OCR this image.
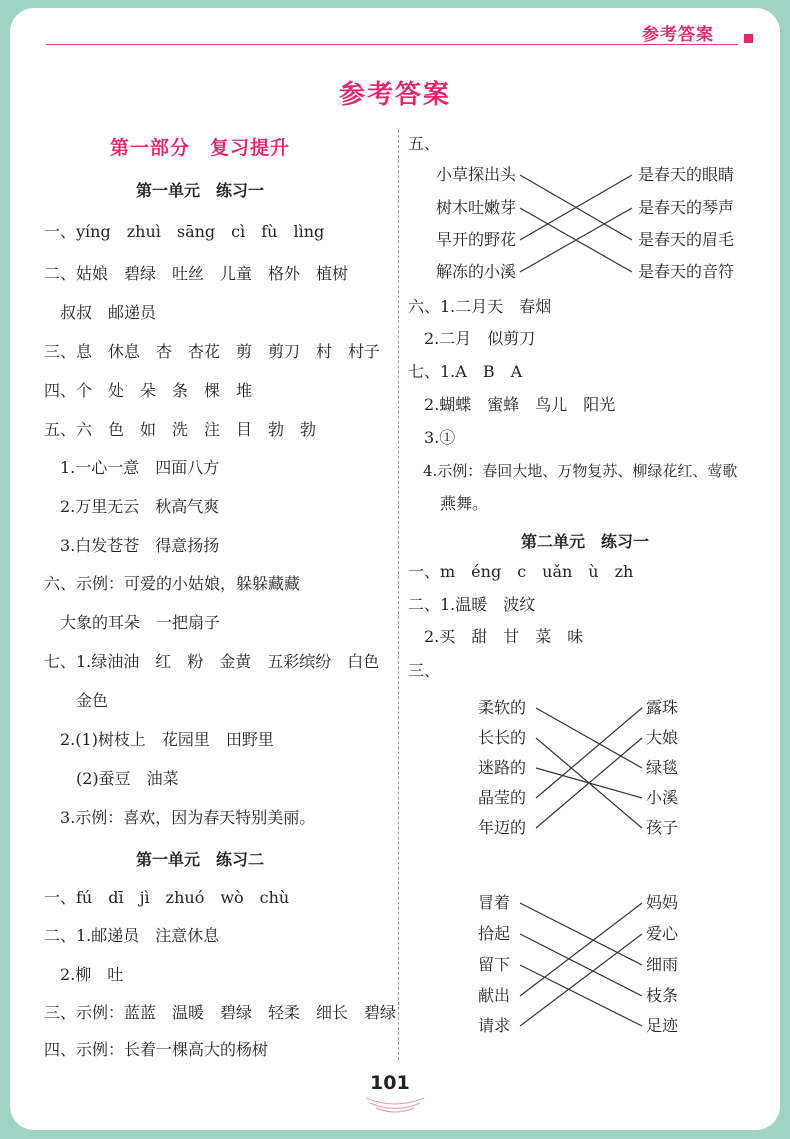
参考答案
参考答案
第一部分　复习提升
第一单元　练习一
一、yíng　zhuì　sāng　cì　fù　lìng
二、姑娘　碧绿　吐丝　儿童　格外　植树
　叔叔　邮递员
三、息　休息　杏　杏花　剪　剪刀　村　村子
四、个　处　朵　条　棵　堆
五、六　色　如　洗　注　目　勃　勃
　1.一心一意　四面八方
　2.万里无云　秋高气爽
　3.白发苍苍　得意扬扬
六、示例：可爱的小姑娘，躲躲藏藏
　大象的耳朵　一把扇子
七、1.绿油油　红　粉　金黄　五彩缤纷　白色
　　金色
　2.(1)树枝上　花园里　田野里
　　(2)蚕豆　油菜
　3.示例：喜欢，因为春天特别美丽。
第一单元　练习二
一、fú　dī　jì　zhuó　wò　chù
二、1.邮递员　注意休息
　2.柳　吐
三、示例：蓝蓝　温暖　碧绿　轻柔　细长　碧绿
四、示例：长着一棵高大的杨树
五、
小草探出头
树木吐嫩芽
早开的野花
解冻的小溪
是春天的眼睛
是春天的琴声
是春天的眉毛
是春天的音符
六、1.二月天　春烟
　2.二月　似剪刀
七、1.A　B　A
　2.蝴蝶　蜜蜂　鸟儿　阳光
　3.①
　4.示例：春回大地、万物复苏、柳绿花红、莺歌
　　燕舞。
第二单元　练习一
一、m　éng　c　uǎn　ù　zh
二、1.温暖　波纹
　2.买　甜　甘　菜　味
三、
柔软的
长长的
迷路的
晶莹的
年迈的
露珠
大娘
绿毯
小溪
孩子
冒着
拾起
留下
献出
请求
妈妈
爱心
细雨
枝条
足迹
101
